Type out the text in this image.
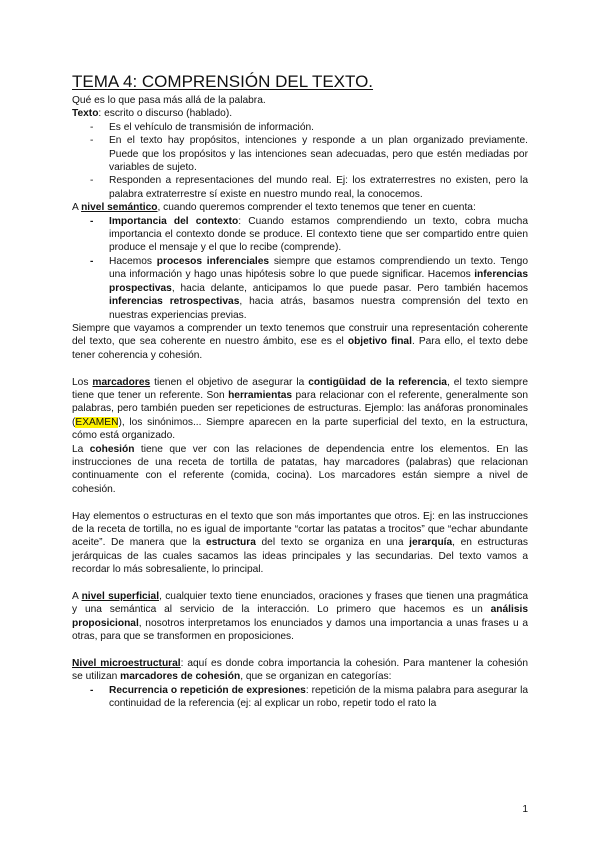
TEMA 4: COMPRENSIÓN DEL TEXTO.

Qué es lo que pasa más allá de la palabra.

Texto: escrito o discurso (hablado).

- Es el vehículo de transmisión de información.
- En el texto hay propósitos, intenciones y responde a un plan organizado previamente. Puede que los propósitos y las intenciones sean adecuadas, pero que estén mediadas por variables de sujeto.
- Responden a representaciones del mundo real. Ej: los extraterrestres no existen, pero la palabra extraterrestre sí existe en nuestro mundo real, la conocemos.

A nivel semántico, cuando queremos comprender el texto tenemos que tener en cuenta:

- Importancia del contexto: Cuando estamos comprendiendo un texto, cobra mucha importancia el contexto donde se produce. El contexto tiene que ser compartido entre quien produce el mensaje y el que lo recibe (comprende).
- Hacemos procesos inferenciales siempre que estamos comprendiendo un texto. Tengo una información y hago unas hipótesis sobre lo que puede significar. Hacemos inferencias prospectivas, hacia delante, anticipamos lo que puede pasar. Pero también hacemos inferencias retrospectivas, hacia atrás, basamos nuestra comprensión del texto en nuestras experiencias previas.

Siempre que vayamos a comprender un texto tenemos que construir una representación coherente del texto, que sea coherente en nuestro ámbito, ese es el objetivo final. Para ello, el texto debe tener coherencia y cohesión.

Los marcadores tienen el objetivo de asegurar la contigüidad de la referencia, el texto siempre tiene que tener un referente. Son herramientas para relacionar con el referente, generalmente son palabras, pero también pueden ser repeticiones de estructuras. Ejemplo: las anáforas pronominales (EXAMEN), los sinónimos... Siempre aparecen en la parte superficial del texto, en la estructura, cómo está organizado.

La cohesión tiene que ver con las relaciones de dependencia entre los elementos. En las instrucciones de una receta de tortilla de patatas, hay marcadores (palabras) que relacionan continuamente con el referente (comida, cocina). Los marcadores están siempre a nivel de cohesión.

Hay elementos o estructuras en el texto que son más importantes que otros. Ej: en las instrucciones de la receta de tortilla, no es igual de importante “cortar las patatas a trocitos” que “echar abundante aceite”. De manera que la estructura del texto se organiza en una jerarquía, en estructuras jerárquicas de las cuales sacamos las ideas principales y las secundarias. Del texto vamos a recordar lo más sobresaliente, lo principal.

A nivel superficial, cualquier texto tiene enunciados, oraciones y frases que tienen una pragmática y una semántica al servicio de la interacción. Lo primero que hacemos es un análisis proposicional, nosotros interpretamos los enunciados y damos una importancia a unas frases u a otras, para que se transformen en proposiciones.

Nivel microestructural: aquí es donde cobra importancia la cohesión. Para mantener la cohesión se utilizan marcadores de cohesión, que se organizan en categorías:

- Recurrencia o repetición de expresiones: repetición de la misma palabra para asegurar la continuidad de la referencia (ej: al explicar un robo, repetir todo el rato la
1
